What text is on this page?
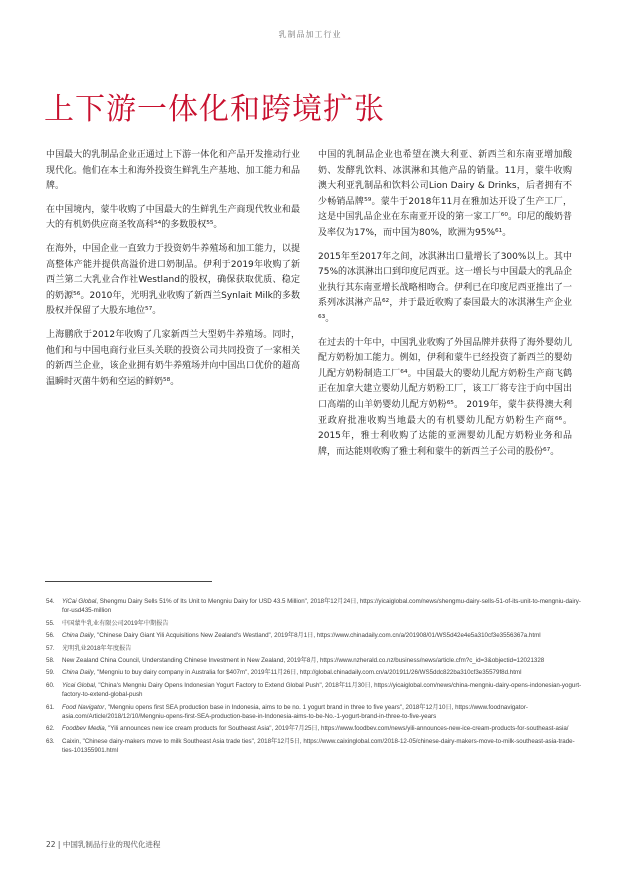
乳制品加工行业
上下游一体化和跨境扩张

中国最大的乳制品企业正通过上下游一体化和产品开发推动行业现代化。他们在本土和海外投资生鲜乳生产基地、加工能力和品牌。

在中国境内，蒙牛收购了中国最大的生鲜乳生产商现代牧业和最大的有机奶供应商圣牧高科⁵⁴的多数股权⁵⁵。

在海外，中国企业一直致力于投资奶牛养殖场和加工能力，以提高整体产能并提供高溢价进口奶制品。伊利于2019年收购了新西兰第二大乳业合作社Westland的股权，确保获取优质、稳定的奶源⁵⁶。2010年，光明乳业收购了新西兰Synlait Milk的多数股权并保留了大股东地位⁵⁷。

上海鹏欣于2012年收购了几家新西兰大型奶牛养殖场。同时，他们和与中国电商行业巨头关联的投资公司共同投资了一家相关的新西兰企业，该企业拥有奶牛养殖场并向中国出口优价的超高温瞬时灭菌牛奶和空运的鲜奶⁵⁸。

中国的乳制品企业也希望在澳大利亚、新西兰和东南亚增加酸奶、发酵乳饮料、冰淇淋和其他产品的销量。11月，蒙牛收购澳大利亚乳制品和饮料公司Lion Dairy & Drinks，后者拥有不少畅销品牌⁵⁹。蒙牛于2018年11月在雅加达开设了生产工厂，这是中国乳品企业在东南亚开设的第一家工厂⁶⁰。印尼的酸奶普及率仅为17%，而中国为80%，欧洲为95%⁶¹。

2015年至2017年之间，冰淇淋出口量增长了300%以上。其中75%的冰淇淋出口到印度尼西亚。这一增长与中国最大的乳品企业执行其东南亚增长战略相吻合。伊利已在印度尼西亚推出了一系列冰淇淋产品⁶²，并于最近收购了泰国最大的冰淇淋生产企业⁶³。

在过去的十年中，中国乳业收购了外国品牌并获得了海外婴幼儿配方奶粉加工能力。例如，伊利和蒙牛已经投资了新西兰的婴幼儿配方奶粉制造工厂⁶⁴。中国最大的婴幼儿配方奶粉生产商飞鹤正在加拿大建立婴幼儿配方奶粉工厂，该工厂将专注于向中国出口高端的山羊奶婴幼儿配方奶粉⁶⁵。 2019年，蒙牛获得澳大利亚政府批准收购当地最大的有机婴幼儿配方奶粉生产商⁶⁶。2015年，雅士利收购了达能的亚洲婴幼儿配方奶粉业务和品牌，而达能则收购了雅士利和蒙牛的新西兰子公司的股份⁶⁷。

54.	YiCai Global, Shengmu Dairy Sells 51% of Its Unit to Mengniu Dairy for USD 43.5 Million", 2018年12月24日, https://yicaiglobal.com/news/shengmu-dairy-sells-51-of-its-unit-to-mengniu-dairy-for-usd435-million
55.	中国蒙牛乳业有限公司2019年中期报告
56.	China Daily, "Chinese Dairy Giant Yili Acquisitions New Zealand's Westland", 2019年8月1日, https://www.chinadaily.com.cn/a/201908/01/WS5d42e4e5a310cf3e3556367a.html
57.	光明乳业2018年年度报告
58.	New Zealand China Council, Understanding Chinese Investment in New Zealand, 2019年8月, https://www.nzherald.co.nz/business/news/article.cfm?c_id=3&objectid=12021328
59.	China Daily, "Mengniu to buy dairy company in Australia for $407m", 2019年11月26日, http://global.chinadaily.com.cn/a/201911/26/WS5ddc822ba310cf3e35579f8d.html
60.	Yicai Global, "China's Mengniu Dairy Opens Indonesian Yogurt Factory to Extend Global Push", 2018年11月30日, https://yicaiglobal.com/news/china-mengniu-dairy-opens-indonesian-yogurt-factory-to-extend-global-push
61.	Food Navigator, "Mengniu opens first SEA production base in Indonesia, aims to be no. 1 yogurt brand in three to five years", 2018年12月10日, https://www.foodnavigator-asia.com/Article/2018/12/10/Mengniu-opens-first-SEA-production-base-in-Indonesia-aims-to-be-No.-1-yogurt-brand-in-three-to-five-years
62.	Foodbev Media, "Yili announces new ice cream products for Southeast Asia", 2019年7月25日, https://www.foodbev.com/news/yili-announces-new-ice-cream-products-for-southeast-asia/
63.	Caixin, "Chinese dairy-makers move to milk Southeast Asia trade ties", 2018年12月5日, https://www.caixinglobal.com/2018-12-05/chinese-dairy-makers-move-to-milk-southeast-asia-trade-ties-101355901.html
22 | 中国乳制品行业的现代化进程
